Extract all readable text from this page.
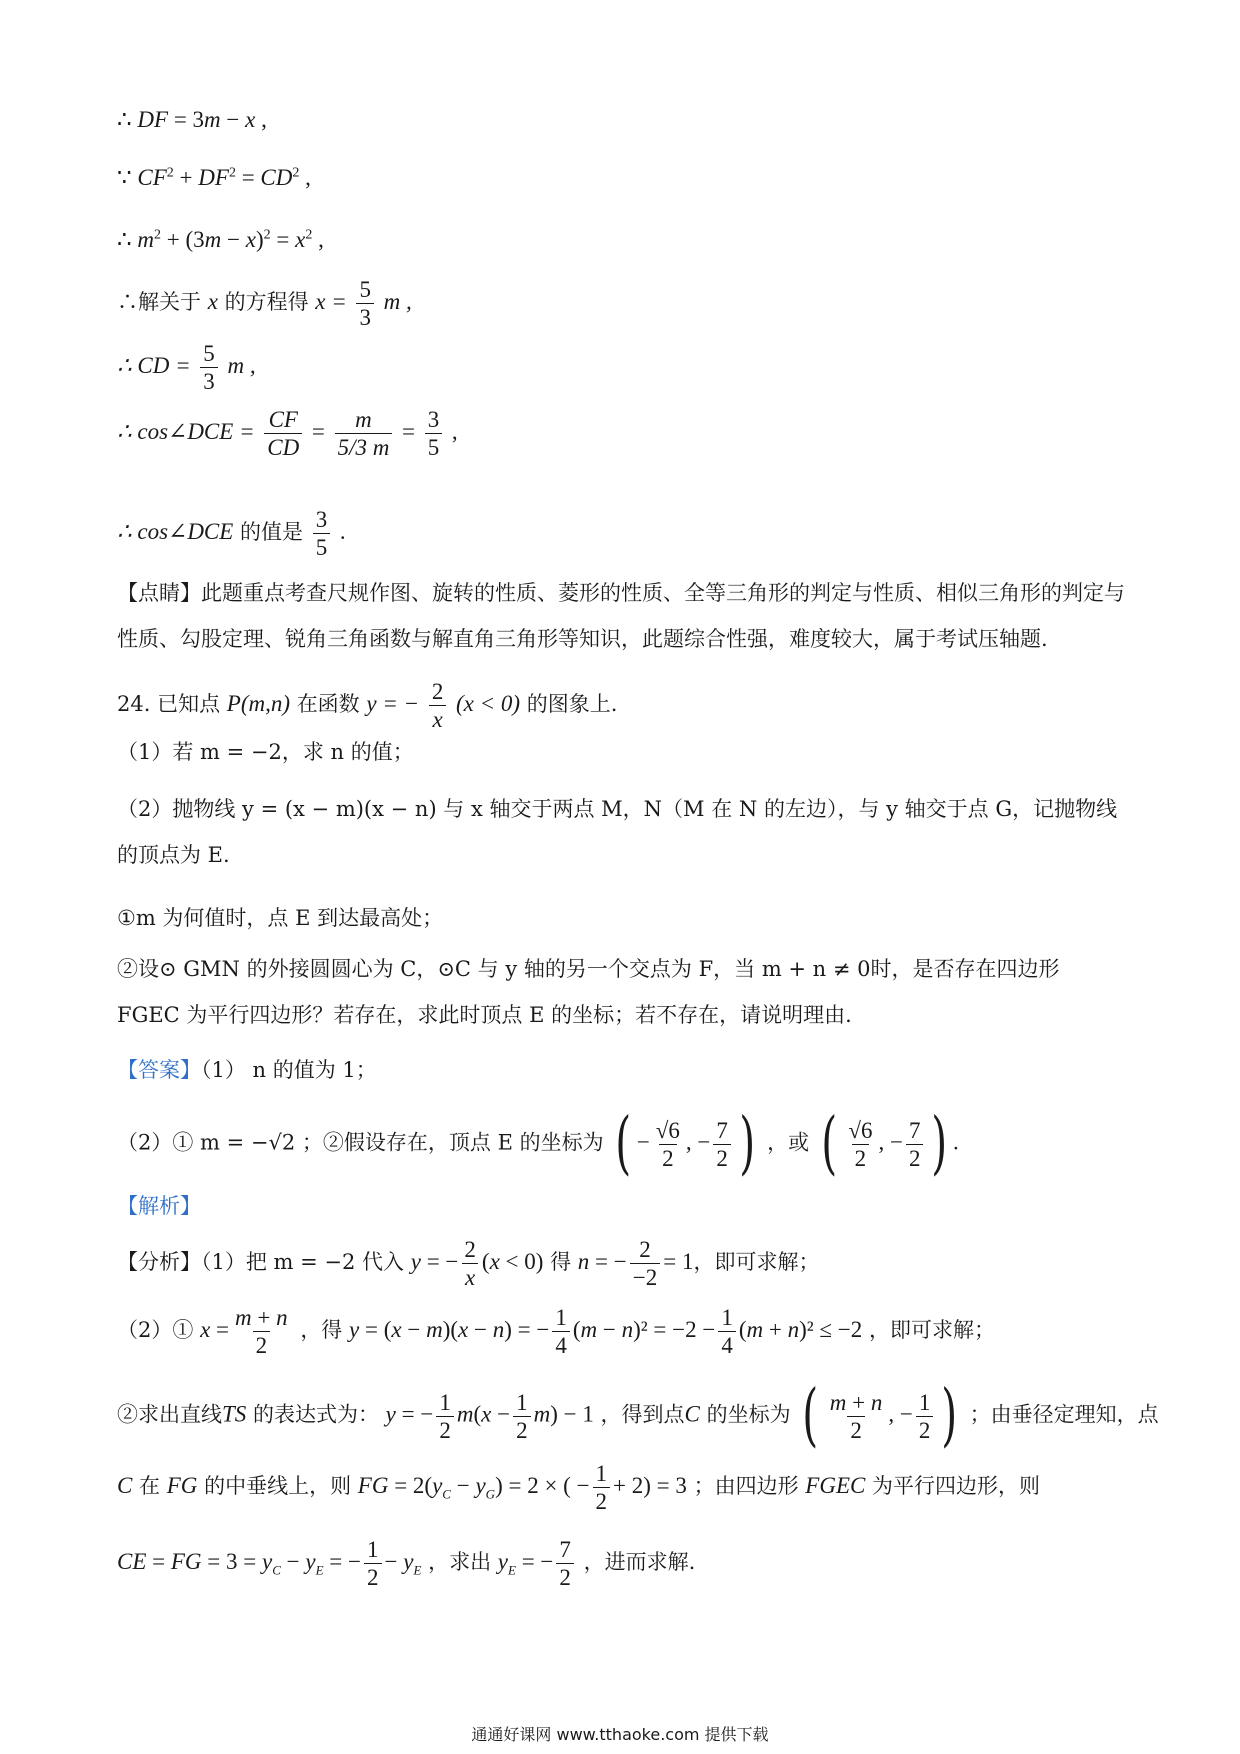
∴ DF = 3m − x ,
∵ $CF^2 + DF^2 = CD^2$ ,
∴ $m^2 + (3m - x)^2 = x^2$ ,
∴解关于 x 的方程得 $x = \frac{5}{3}$ m ,
∴ CD = $\frac{5}{3}$ m ,
∴ cos∠DCE = $\frac{CF}{CD} = \frac{m}{5/3 m} = \frac{3}{5}$ ,
∴ cos∠DCE 的值是 $\frac{3}{5}$ .
【点睛】此题重点考查尺规作图、旋转的性质、菱形的性质、全等三角形的判定与性质、相似三角形的判定与性质、勾股定理、锐角三角函数与解直角三角形等知识，此题综合性强，难度较大，属于考试压轴题.
24. 已知点 P(m,n) 在函数 y = − $\frac{2}{x} (x < 0)$ 的图象上.
（1）若 m = −2，求 n 的值；
（2）抛物线 y = (x − m)(x − n) 与 x 轴交于两点 M，N（M 在 N 的左边），与 y 轴交于点 G，记抛物线的顶点为 E.
①m 为何值时，点 E 到达最高处；
②设⊙ GMN 的外接圆圆心为 C，⊙C 与 y 轴的另一个交点为 F，当 m + n ≠ 0时，是否存在四边形 FGEC 为平行四边形？若存在，求此时顶点 E 的坐标；若不存在，请说明理由.
【答案】（1） n 的值为 1；
（2）① m = −√2 ；②假设存在，顶点 E 的坐标为 ( − $\frac{√6}{2}$ , − $\frac{7}{2}$ ) ，或 ( $\frac{√6}{2}$ , − $\frac{7}{2}$ ) .
【解析】
【分析】（1）把 m = −2 代入 y = − $\frac{2}{x} (x < 0)$ 得 n = − $\frac{2}{-2} = 1$，即可求解；
（2）① $x = \frac{m + n}{2}$ ，得 y = (x − m)(x − n) = − $\frac{1}{4} (m - n)^2 = -2 - \frac{1}{4} (m + n)^2 \le -2$ ，即可求解；
②求出直线TS 的表达式为： y = − $\frac{1}{2} m(x - \frac{1}{2} m) - 1$ ，得到点C 的坐标为 ( $\frac{m + n}{2}$ , − $\frac{1}{2}$ ) ；由垂径定理知，点
C 在 FG 的中垂线上，则 FG = $2(y_C - y_G) = 2$ × ( − $\frac{1}{2} + 2) = 3$ ；由四边形 FGEC 为平行四边形，则
CE = FG = $3 = y_C - y_E$ = − $\frac{1}{2} - y_E$ ，求出 $y_E$ = − $\frac{7}{2}$ ，进而求解.
通通好课网 www.tthaoke.com 提供下载
